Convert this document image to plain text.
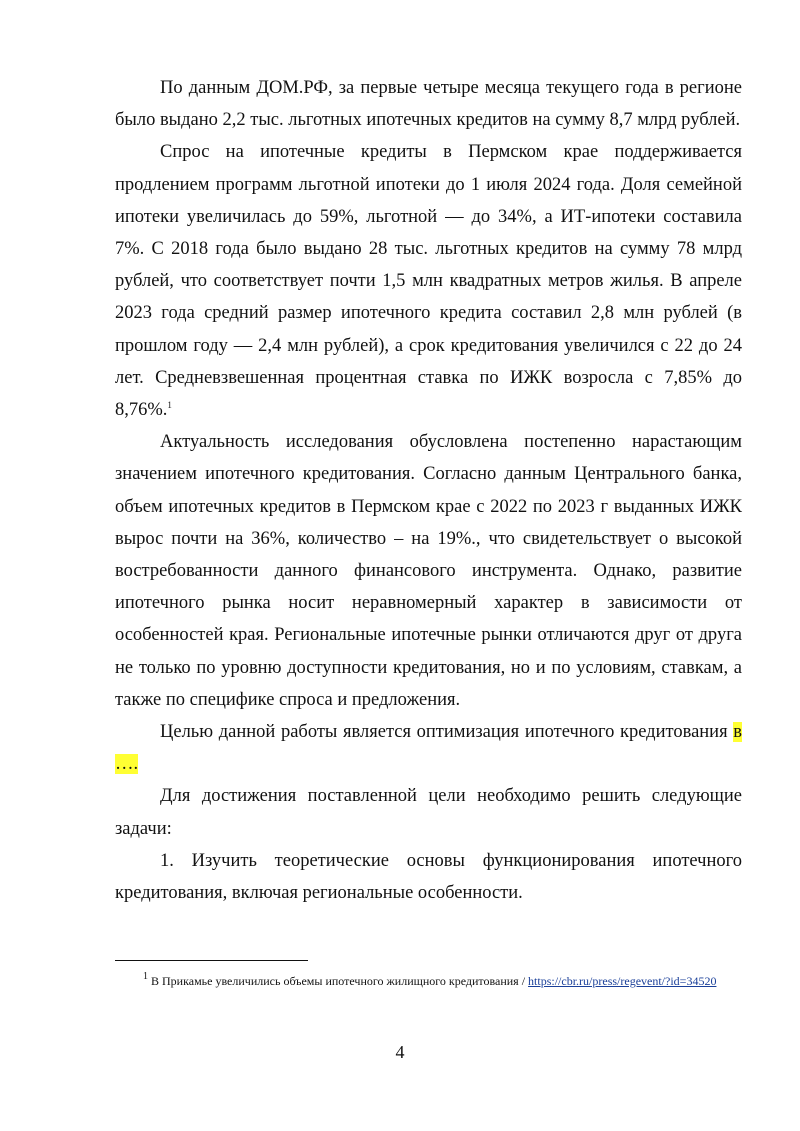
По данным ДОМ.РФ, за первые четыре месяца текущего года в регионе было выдано 2,2 тыс. льготных ипотечных кредитов на сумму 8,7 млрд рублей.

Спрос на ипотечные кредиты в Пермском крае поддерживается продлением программ льготной ипотеки до 1 июля 2024 года. Доля семейной ипотеки увеличилась до 59%, льготной — до 34%, а ИТ-ипотеки составила 7%. С 2018 года было выдано 28 тыс. льготных кредитов на сумму 78 млрд рублей, что соответствует почти 1,5 млн квадратных метров жилья. В апреле 2023 года средний размер ипотечного кредита составил 2,8 млн рублей (в прошлом году — 2,4 млн рублей), а срок кредитования увеличился с 22 до 24 лет. Средневзвешенная процентная ставка по ИЖК возросла с 7,85% до 8,76%.$^1$

Актуальность исследования обусловлена постепенно нарастающим значением ипотечного кредитования. Согласно данным Центрального банка, объем ипотечных кредитов в Пермском крае с 2022 по 2023 г выданных ИЖК вырос почти на 36%, количество – на 19%., что свидетельствует о высокой востребованности данного финансового инструмента. Однако, развитие ипотечного рынка носит неравномерный характер в зависимости от особенностей края. Региональные ипотечные рынки отличаются друг от друга не только по уровню доступности кредитования, но и по условиям, ставкам, а также по специфике спроса и предложения.

Целью данной работы является оптимизация ипотечного кредитования в ….

Для достижения поставленной цели необходимо решить следующие задачи:

1. Изучить теоретические основы функционирования ипотечного кредитования, включая региональные особенности.

$^1$ В Прикамье увеличились объемы ипотечного жилищного кредитования / https://cbr.ru/press/regevent/?id=34520
4
